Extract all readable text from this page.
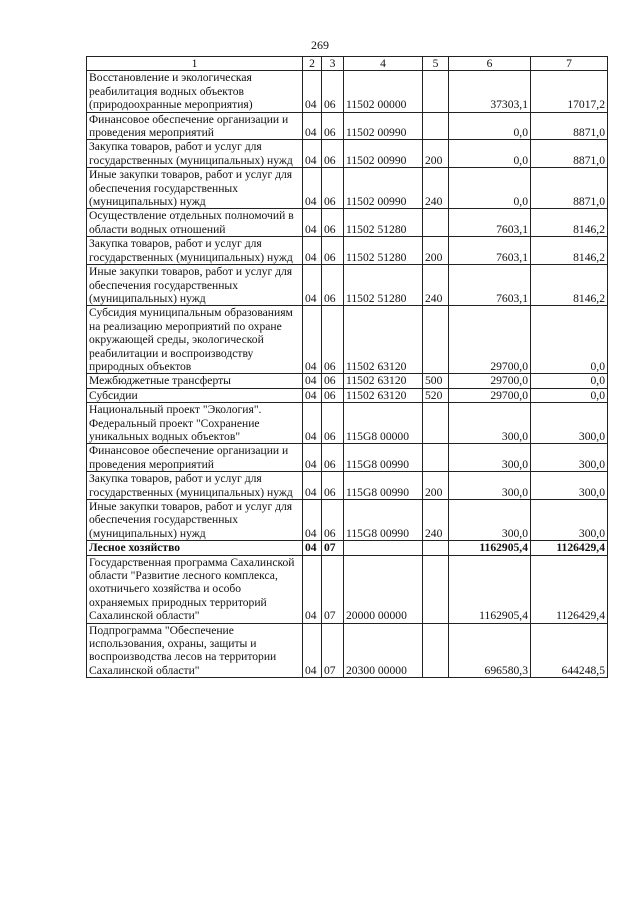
269
1	2	3	4	5	6	7
Восстановление и экологическая реабилитация водных объектов (природоохранные мероприятия)	04	06	11502 00000		37303,1	17017,2
Финансовое обеспечение организации и проведения мероприятий	04	06	11502 00990		0,0	8871,0
Закупка товаров, работ и услуг для государственных (муниципальных) нужд	04	06	11502 00990	200	0,0	8871,0
Иные закупки товаров, работ и услуг для обеспечения государственных (муниципальных) нужд	04	06	11502 00990	240	0,0	8871,0
Осуществление отдельных полномочий в области водных отношений	04	06	11502 51280		7603,1	8146,2
Закупка товаров, работ и услуг для государственных (муниципальных) нужд	04	06	11502 51280	200	7603,1	8146,2
Иные закупки товаров, работ и услуг для обеспечения государственных (муниципальных) нужд	04	06	11502 51280	240	7603,1	8146,2
Субсидия муниципальным образованиям на реализацию мероприятий по охране окружающей среды, экологической реабилитации и воспроизводству природных объектов	04	06	11502 63120		29700,0	0,0
Межбюджетные трансферты	04	06	11502 63120	500	29700,0	0,0
Субсидии	04	06	11502 63120	520	29700,0	0,0
Национальный проект "Экология". Федеральный проект "Сохранение уникальных водных объектов"	04	06	115G8 00000		300,0	300,0
Финансовое обеспечение организации и проведения мероприятий	04	06	115G8 00990		300,0	300,0
Закупка товаров, работ и услуг для государственных (муниципальных) нужд	04	06	115G8 00990	200	300,0	300,0
Иные закупки товаров, работ и услуг для обеспечения государственных (муниципальных) нужд	04	06	115G8 00990	240	300,0	300,0
Лесное хозяйство	04	07			1162905,4	1126429,4
Государственная программа Сахалинской области "Развитие лесного комплекса, охотничьего хозяйства и особо охраняемых природных территорий Сахалинской области"	04	07	20000 00000		1162905,4	1126429,4
Подпрограмма "Обеспечение использования, охраны, защиты и воспроизводства лесов на территории Сахалинской области"	04	07	20300 00000		696580,3	644248,5
